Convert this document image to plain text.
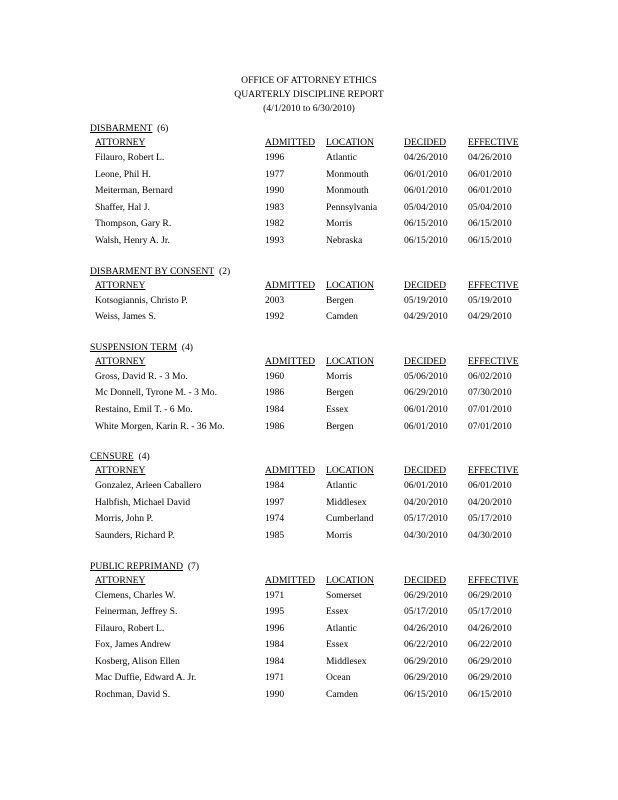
OFFICE OF ATTORNEY ETHICS
QUARTERLY DISCIPLINE REPORT
(4/1/2010 to 6/30/2010)
DISBARMENT (6)
ATTORNEY	ADMITTED LOCATION	DECIDED EFFECTIVE
Filauro, Robert L.	1996	Atlantic	04/26/2010 04/26/2010
Leone, Phil H.	1977	Monmouth	06/01/2010 06/01/2010
Meiterman, Bernard	1990	Monmouth	06/01/2010 06/01/2010
Shaffer, Hal J.	1983	Pennsylvania	05/04/2010 05/04/2010
Thompson, Gary R.	1982	Morris	06/15/2010 06/15/2010
Walsh, Henry A. Jr.	1993	Nebraska	06/15/2010 06/15/2010
DISBARMENT BY CONSENT (2)
ATTORNEY	ADMITTED LOCATION	DECIDED EFFECTIVE
Kotsogiannis, Christo P.	2003	Bergen	05/19/2010 05/19/2010
Weiss, James S.	1992	Camden	04/29/2010 04/29/2010
SUSPENSION TERM (4)
ATTORNEY	ADMITTED LOCATION	DECIDED EFFECTIVE
Gross, David R. - 3 Mo.	1960	Morris	05/06/2010 06/02/2010
Mc Donnell, Tyrone M. - 3 Mo.	1986	Bergen	06/29/2010 07/30/2010
Restaino, Emil T. - 6 Mo.	1984	Essex	06/01/2010 07/01/2010
White Morgen, Karin R. - 36 Mo.	1986	Bergen	06/01/2010 07/01/2010
CENSURE (4)
ATTORNEY	ADMITTED LOCATION	DECIDED EFFECTIVE
Gonzalez, Arleen Caballero	1984	Atlantic	06/01/2010 06/01/2010
Halbfish, Michael David	1997	Middlesex	04/20/2010 04/20/2010
Morris, John P.	1974	Cumberland	05/17/2010 05/17/2010
Saunders, Richard P.	1985	Morris	04/30/2010 04/30/2010
PUBLIC REPRIMAND (7)
ATTORNEY	ADMITTED LOCATION	DECIDED EFFECTIVE
Clemens, Charles W.	1971	Somerset	06/29/2010 06/29/2010
Feinerman, Jeffrey S.	1995	Essex	05/17/2010 05/17/2010
Filauro, Robert L.	1996	Atlantic	04/26/2010 04/26/2010
Fox, James Andrew	1984	Essex	06/22/2010 06/22/2010
Kosberg, Alison Ellen	1984	Middlesex	06/29/2010 06/29/2010
Mac Duffie, Edward A. Jr.	1971	Ocean	06/29/2010 06/29/2010
Rochman, David S.	1990	Camden	06/15/2010 06/15/2010
